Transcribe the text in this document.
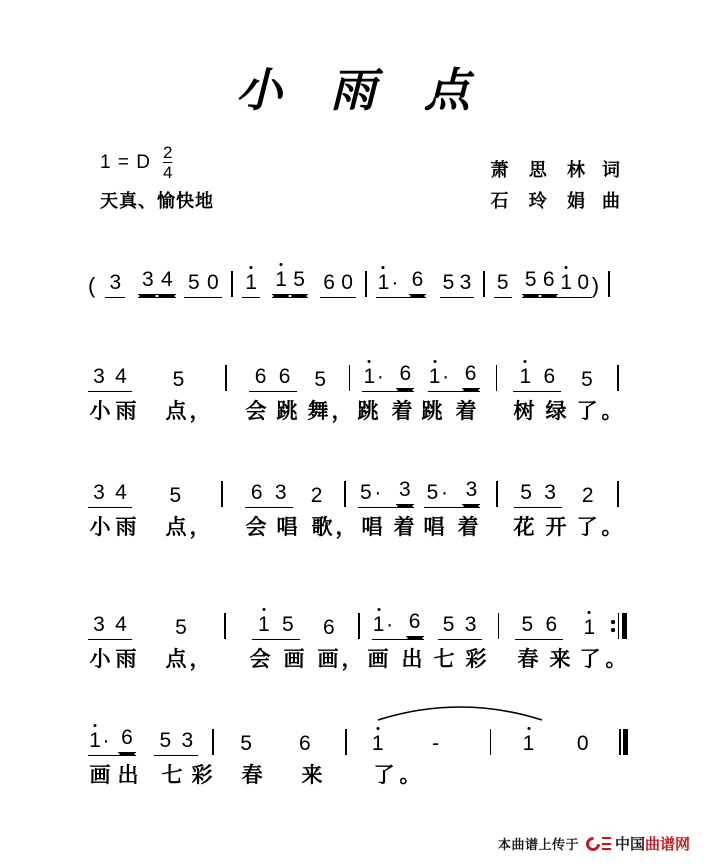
小 雨 点
1 = D $\frac{2}{4}$
天真、愉快地
萧 思 林 词
石 玲 娟 曲
( 3 3 4 5 0 1 1 5 6 0 1 · 6 5 3 5 5 6 1 0 )
3 4 5	6 6 5 1 · 6 1 · 6 1 6 5
小 雨 点 ， 会 跳 舞 ， 跳 着 跳 着 树 绿 了 。
3 4 5	6 3 2 5 · 3 5 · 3 5 3 2
小 雨 点 ， 会 唱 歌 ， 唱 着 唱 着 花 开 了 。
3 4 5	1 5 6 1 · 6 5 3 5 6 1
小 雨 点 ， 会 画 画 ， 画 出 七 彩 春 来 了 。
1 · 6 5 3 5 6	1	-	1 0
画 出 七 彩 春 来 了 。
本曲谱上传于 中国 曲谱网
